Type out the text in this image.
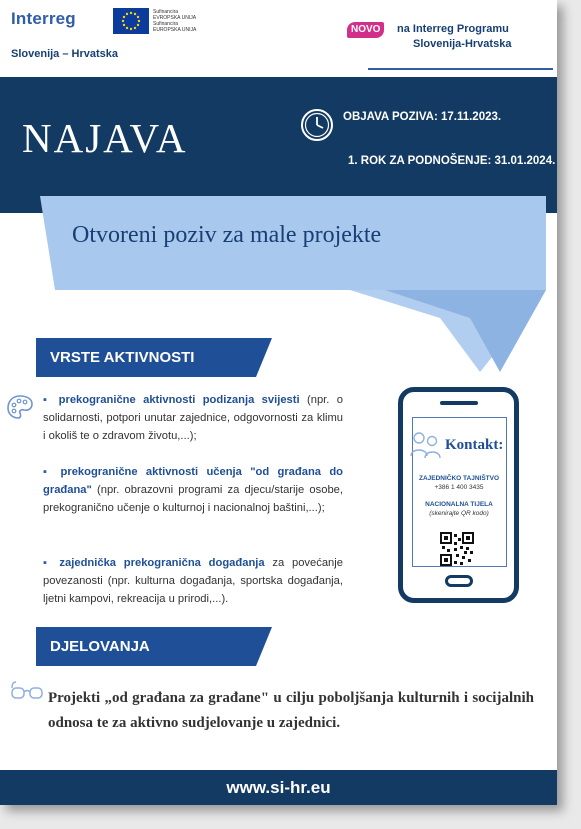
Interreg	Sufinancira
EVROPSKA UNIJA
Sufinancira
EUROPSKA UNIJA
Slovenija – Hrvatska
NOVO	na Interreg Programu
Slovenija-Hrvatska
NAJAVA	OBJAVA POZIVA: 17.11.2023.
1. ROK ZA PODNOŠENJE: 31.01.2024.
Otvoreni poziv za male projekte
VRSTE AKTIVNOSTI
▪ prekogranične aktivnosti podizanja svijesti (npr. o solidarnosti, potpori unutar zajednice, odgovornosti za klimu i okoliš te o zdravom životu,...);
▪ prekogranične aktivnosti učenja "od građana do građana" (npr. obrazovni programi za djecu/starije osobe, prekogranično učenje o kulturnoj i nacionalnoj baštini,...);
▪ zajednička prekogranična događanja za povećanje povezanosti (npr. kulturna događanja, sportska događanja, ljetni kampovi, rekreacija u prirodi,...).
Kontakt:
ZAJEDNIČKO TAJNIŠTVO
+386 1 400 3435
NACIONALNA TIJELA
(skenirajte QR kodo)
DJELOVANJA
Projekti „od građana za građane" u cilju poboljšanja kulturnih i socijalnih odnosa te za aktivno sudjelovanje u zajednici.
www.si-hr.eu
